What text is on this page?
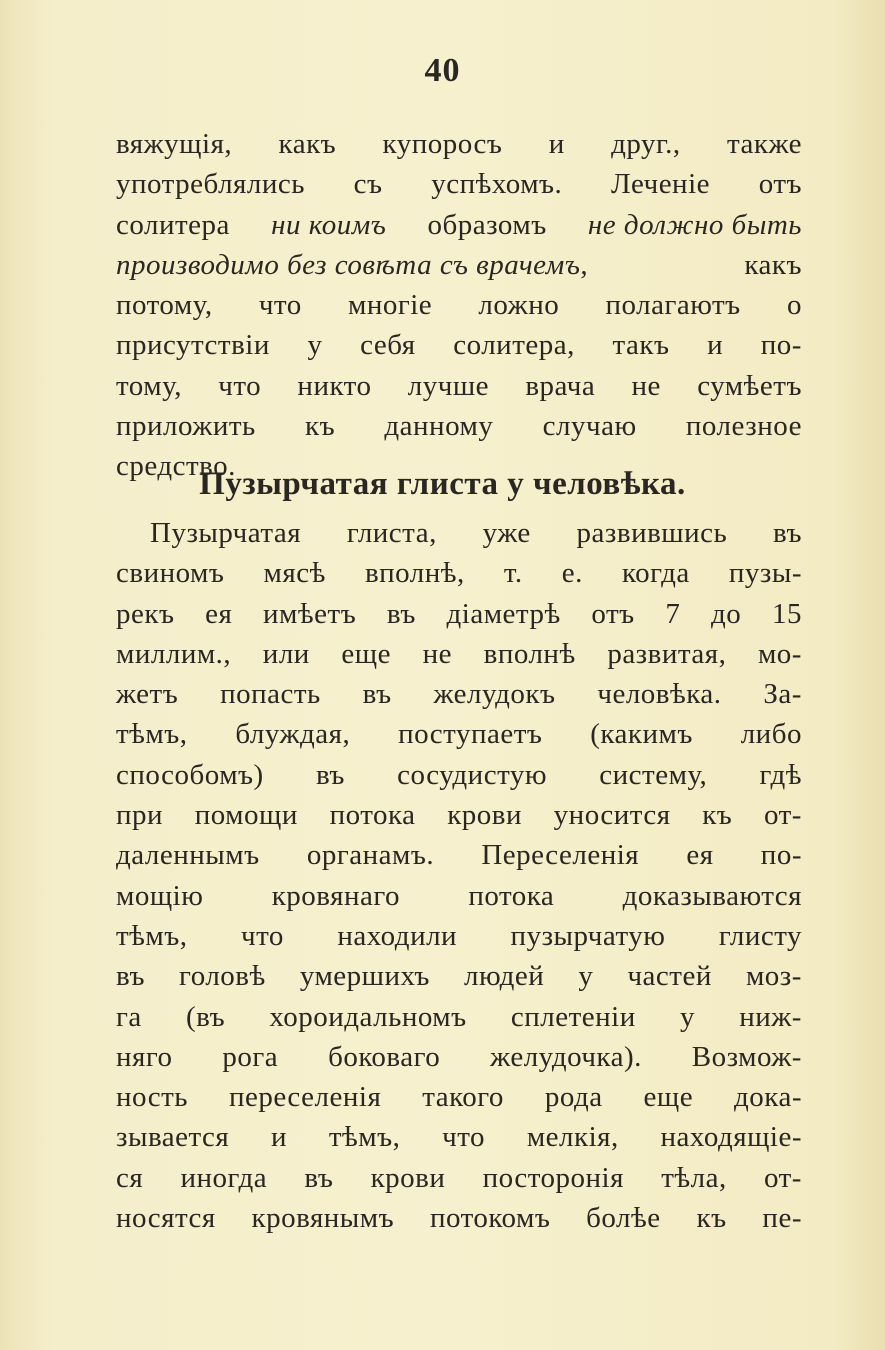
40
вяжущія, какъ купоросъ и друг., также
употреблялись съ успѣхомъ. Леченіе отъ
солитера ни коимъ образомъ не должно быть
производимо без совѣта съ врачемъ,	какъ
потому, что многіе ложно полагаютъ о
присутствіи у себя солитера, такъ и по-
тому, что никто лучше врача не сумѣетъ
приложить къ данному случаю полезное
средство.
Пузырчатая глиста у человѣка.
Пузырчатая глиста, уже развившись въ
свиномъ мясѣ вполнѣ, т. е. когда пузы-
рекъ ея имѣетъ въ діаметрѣ отъ 7 до 15
миллим., или еще не вполнѣ развитая, мо-
жетъ попасть въ желудокъ человѣка. За-
тѣмъ, блуждая, поступаетъ (какимъ либо
способомъ) въ сосудистую систему, гдѣ
при помощи потока крови уносится къ от-
даленнымъ органамъ. Переселенія ея по-
мощію кровянаго потока доказываются
тѣмъ, что находили пузырчатую глисту
въ головѣ умершихъ людей у частей моз-
га (въ хороидальномъ сплетеніи у ниж-
няго рога боковаго желудочка). Возмож-
ность переселенія такого рода еще дока-
зывается и тѣмъ, что мелкія, находящіе-
ся иногда въ крови посторонія тѣла, от-
носятся кровянымъ потокомъ болѣе къ пе-
